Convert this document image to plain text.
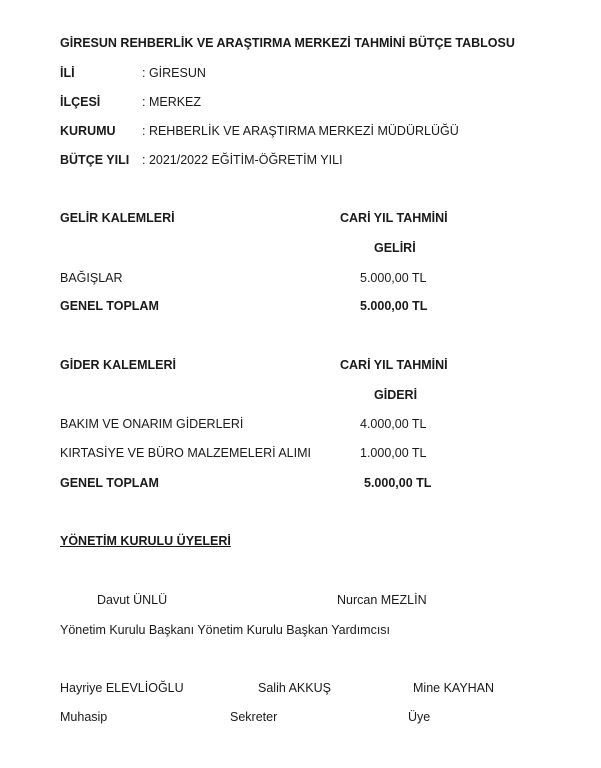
GİRESUN REHBERLİK VE ARAŞTIRMA MERKEZİ TAHMİNİ BÜTÇE TABLOSU
İLİ	: GİRESUN
İLÇESİ	: MERKEZ
KURUMU : REHBERLİK VE ARAŞTIRMA MERKEZİ MÜDÜRLÜĞÜ
BÜTÇE YILI : 2021/2022 EĞİTİM-ÖĞRETİM YILI
GELİR KALEMLERİ	CARİ YIL TAHMİNİ
GELİRİ
BAĞIŞLAR	5.000,00 TL
GENEL TOPLAM	5.000,00 TL
GİDER KALEMLERİ	CARİ YIL TAHMİNİ
GİDERİ
BAKIM VE ONARIM GİDERLERİ	4.000,00 TL
KIRTASİYE VE BÜRO MALZEMELERİ ALIMI	1.000,00 TL
GENEL TOPLAM	5.000,00 TL
YÖNETİM KURULU ÜYELERİ
Davut ÜNLÜ	Nurcan MEZLİN
Yönetim Kurulu Başkanı Yönetim Kurulu Başkan Yardımcısı
Hayriye ELEVLİOĞLU	Salih AKKUŞ	Mine KAYHAN
Muhasip	Sekreter	Üye
